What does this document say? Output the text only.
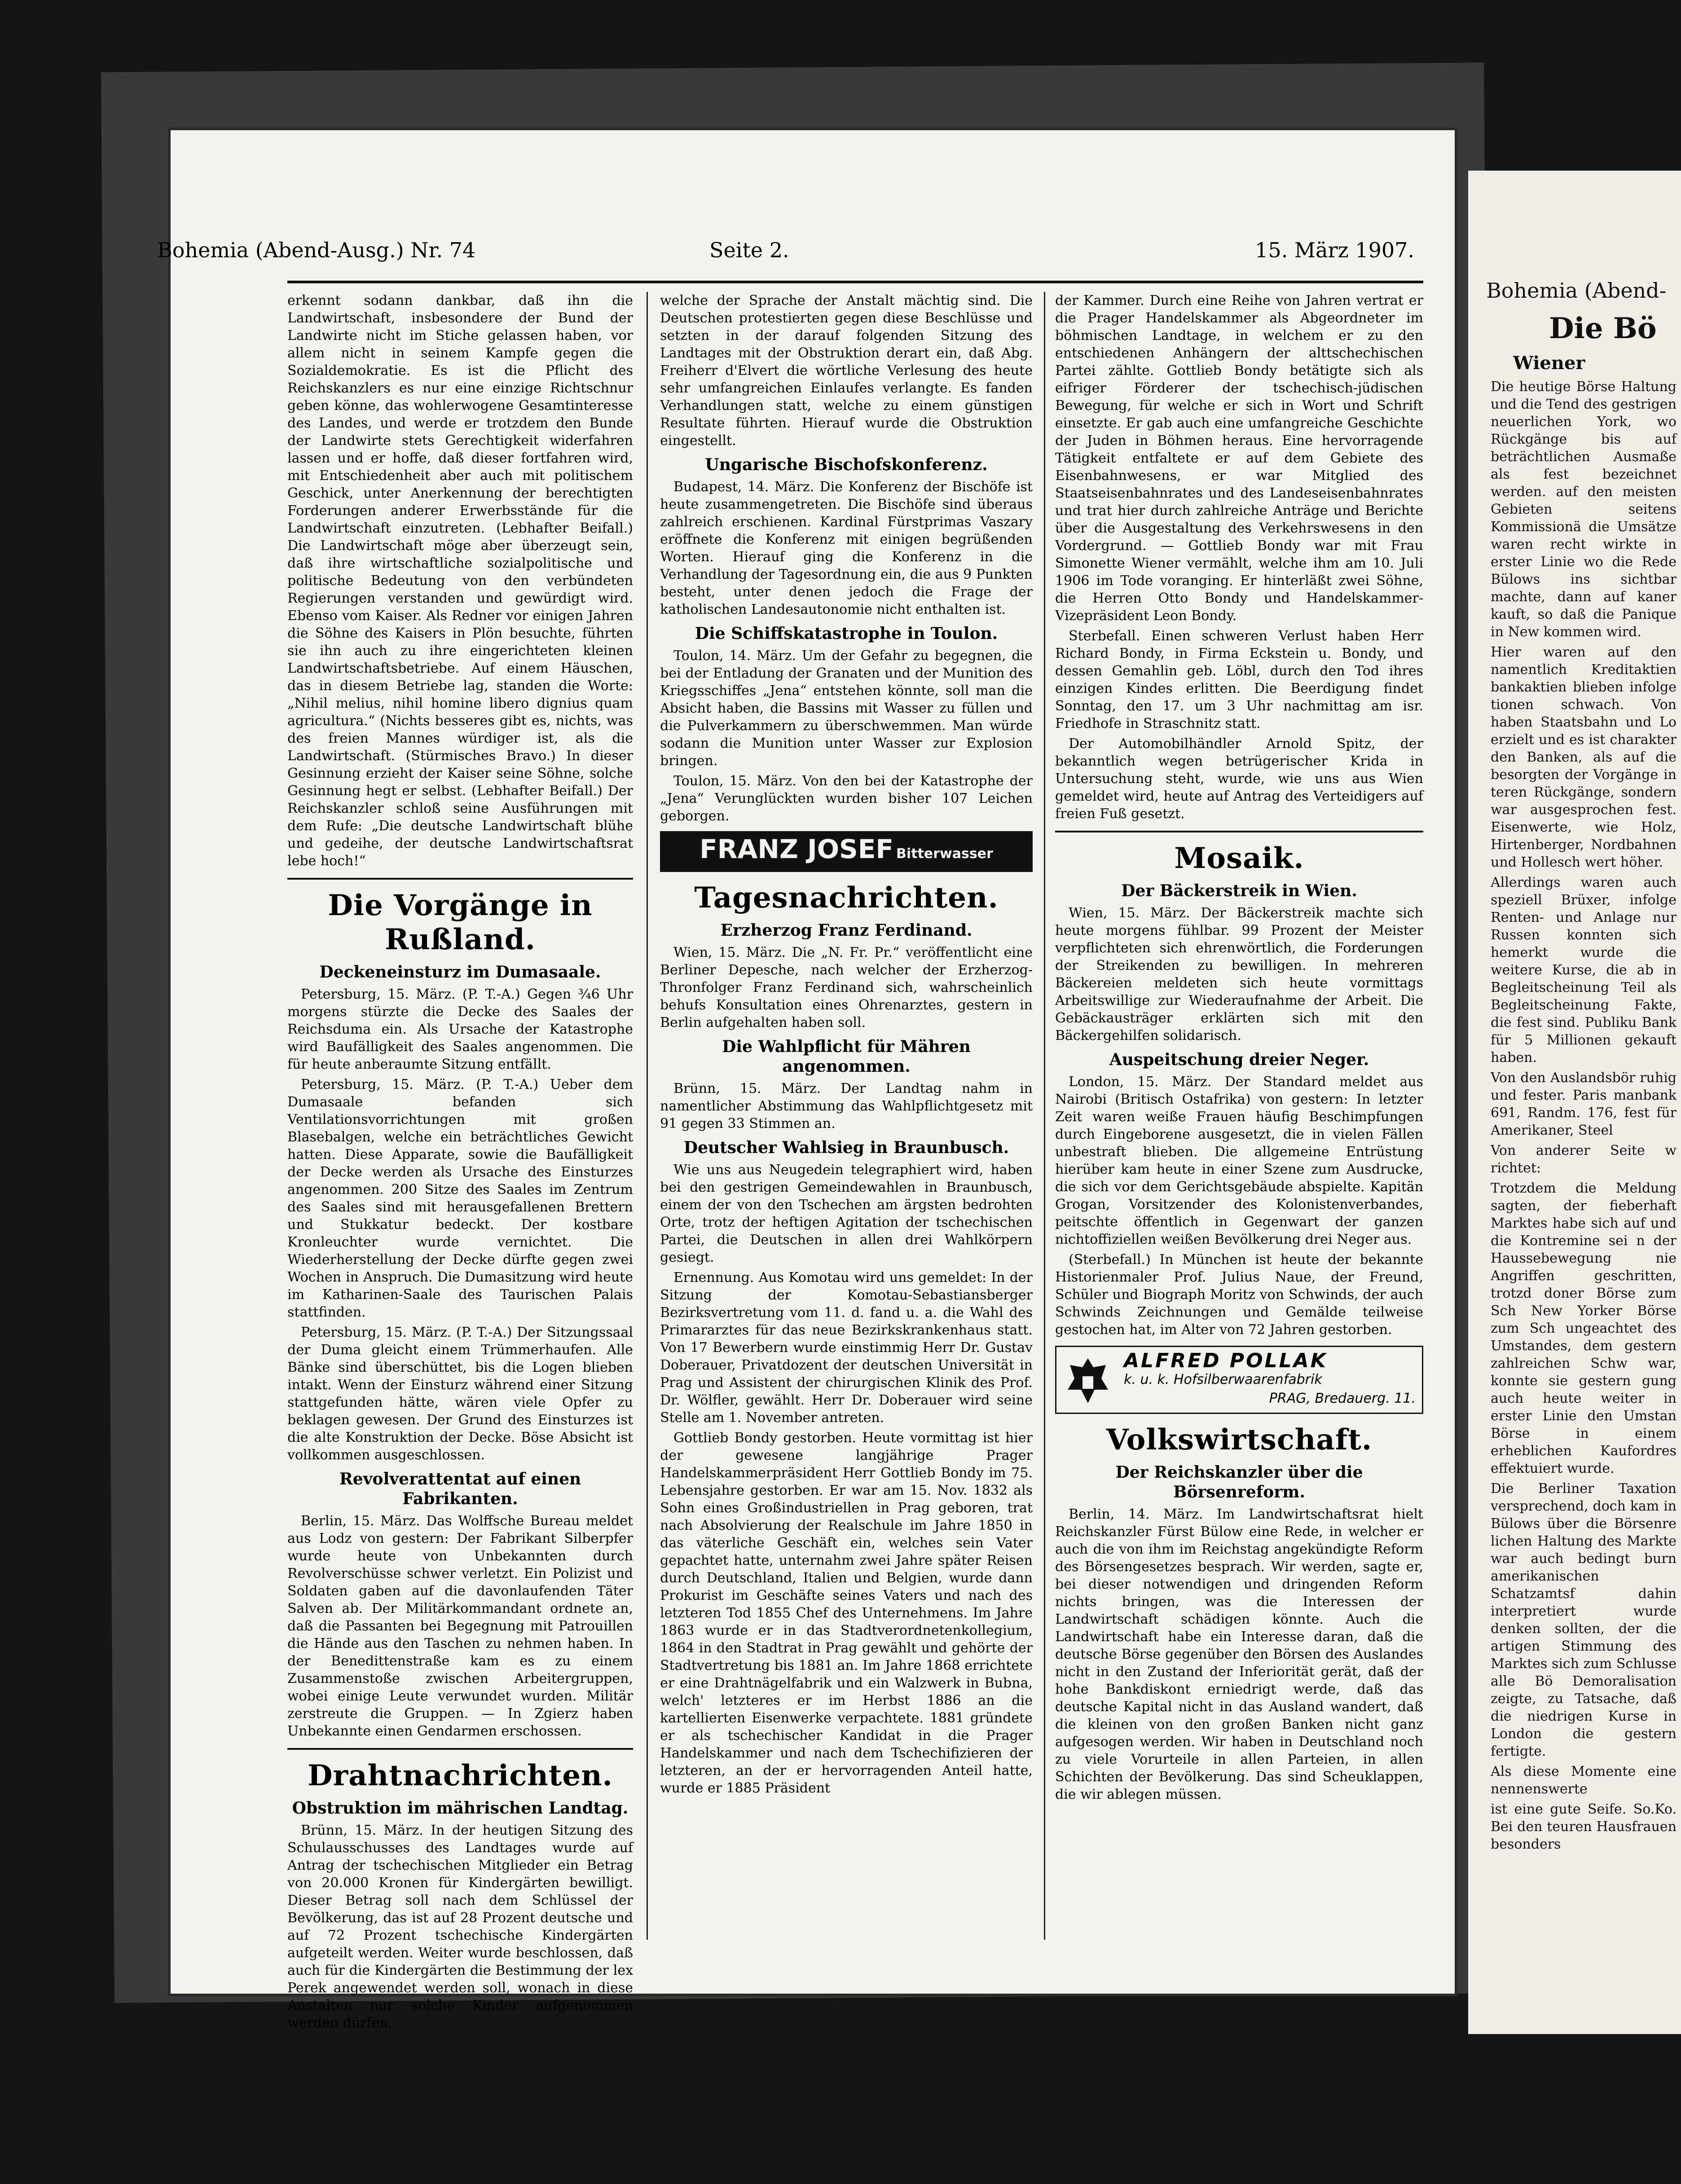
Bohemia (Abend-Ausg.) Nr. 74	Seite 2.	15. März 1907.

erkennt sodann dankbar, daß ihn die Landwirtschaft, insbesondere der Bund der Landwirte nicht im Stiche gelassen haben, vor allem nicht in seinem Kampfe gegen die Sozialdemokratie. Es ist die Pflicht des Reichskanzlers es nur eine einzige Richtschnur geben könne, das wohlerwogene Gesamtinteresse des Landes, und werde er trotzdem den Bunde der Landwirte stets Gerechtigkeit widerfahren lassen und er hoffe, daß dieser fortfahren wird, mit Entschiedenheit aber auch mit politischem Geschick, unter Anerkennung der berechtigten Forderungen anderer Erwerbsstände für die Landwirtschaft einzutreten. (Lebhafter Beifall.) Die Landwirtschaft möge aber überzeugt sein, daß ihre wirtschaftliche sozialpolitische und politische Bedeutung von den verbündeten Regierungen verstanden und gewürdigt wird. Ebenso vom Kaiser. Als Redner vor einigen Jahren die Söhne des Kaisers in Plön besuchte, führten sie ihn auch zu ihre eingerichteten kleinen Landwirtschaftsbetriebe. Auf einem Häuschen, das in diesem Betriebe lag, standen die Worte: „Nihil melius, nihil homine libero dignius quam agricultura.“ (Nichts besseres gibt es, nichts, was des freien Mannes würdiger ist, als die Landwirtschaft. (Stürmisches Bravo.) In dieser Gesinnung erzieht der Kaiser seine Söhne, solche Gesinnung hegt er selbst. (Lebhafter Beifall.) Der Reichskanzler schloß seine Ausführungen mit dem Rufe: „Die deutsche Landwirtschaft blühe und gedeihe, der deutsche Landwirtschaftsrat lebe hoch!“

Die Vorgänge in Rußland.
Deckeneinsturz im Dumasaale.

Petersburg, 15. März. (P. T.-A.) Gegen ¾6 Uhr morgens stürzte die Decke des Saales der Reichsduma ein. Als Ursache der Katastrophe wird Baufälligkeit des Saales angenommen. Die für heute anberaumte Sitzung entfällt.

Petersburg, 15. März. (P. T.-A.) Ueber dem Dumasaale befanden sich Ventilationsvorrichtungen mit großen Blasebalgen, welche ein beträchtliches Gewicht hatten. Diese Apparate, sowie die Baufälligkeit der Decke werden als Ursache des Einsturzes angenommen. 200 Sitze des Saales im Zentrum des Saales sind mit herausgefallenen Brettern und Stukkatur bedeckt. Der kostbare Kronleuchter wurde vernichtet. Die Wiederherstellung der Decke dürfte gegen zwei Wochen in Anspruch. Die Dumasitzung wird heute im Katharinen-Saale des Taurischen Palais stattfinden.

Petersburg, 15. März. (P. T.-A.) Der Sitzungssaal der Duma gleicht einem Trümmerhaufen. Alle Bänke sind überschüttet, bis die Logen blieben intakt. Wenn der Einsturz während einer Sitzung stattgefunden hätte, wären viele Opfer zu beklagen gewesen. Der Grund des Einsturzes ist die alte Konstruktion der Decke. Böse Absicht ist vollkommen ausgeschlossen.

Revolverattentat auf einen Fabrikanten.

Berlin, 15. März. Das Wolffsche Bureau meldet aus Lodz von gestern: Der Fabrikant Silberpfer wurde heute von Unbekannten durch Revolverschüsse schwer verletzt. Ein Polizist und Soldaten gaben auf die davonlaufenden Täter Salven ab. Der Militärkommandant ordnete an, daß die Passanten bei Begegnung mit Patrouillen die Hände aus den Taschen zu nehmen haben. In der Benedittenstraße kam es zu einem Zusammenstoße zwischen Arbeitergruppen, wobei einige Leute verwundet wurden. Militär zerstreute die Gruppen. — In Zgierz haben Unbekannte einen Gendarmen erschossen.

Drahtnachrichten.
Obstruktion im mährischen Landtag.

Brünn, 15. März. In der heutigen Sitzung des Schulausschusses des Landtages wurde auf Antrag der tschechischen Mitglieder ein Betrag von 20.000 Kronen für Kindergärten bewilligt. Dieser Betrag soll nach dem Schlüssel der Bevölkerung, das ist auf 28 Prozent deutsche und auf 72 Prozent tschechische Kindergärten aufgeteilt werden. Weiter wurde beschlossen, daß auch für die Kindergärten die Bestimmung der lex Perek angewendet werden soll, wonach in diese Anstalten nur solche Kinder aufgenommen werden dürfen,

welche der Sprache der Anstalt mächtig sind. Die Deutschen protestierten gegen diese Beschlüsse und setzten in der darauf folgenden Sitzung des Landtages mit der Obstruktion derart ein, daß Abg. Freiherr d'Elvert die wörtliche Verlesung des heute sehr umfangreichen Einlaufes verlangte. Es fanden Verhandlungen statt, welche zu einem günstigen Resultate führten. Hierauf wurde die Obstruktion eingestellt.

Ungarische Bischofskonferenz.

Budapest, 14. März. Die Konferenz der Bischöfe ist heute zusammengetreten. Die Bischöfe sind überaus zahlreich erschienen. Kardinal Fürstprimas Vaszary eröffnete die Konferenz mit einigen begrüßenden Worten. Hierauf ging die Konferenz in die Verhandlung der Tagesordnung ein, die aus 9 Punkten besteht, unter denen jedoch die Frage der katholischen Landesautonomie nicht enthalten ist.

Die Schiffskatastrophe in Toulon.

Toulon, 14. März. Um der Gefahr zu begegnen, die bei der Entladung der Granaten und der Munition des Kriegsschiffes „Jena“ entstehen könnte, soll man die Absicht haben, die Bassins mit Wasser zu füllen und die Pulverkammern zu überschwemmen. Man würde sodann die Munition unter Wasser zur Explosion bringen.

Toulon, 15. März. Von den bei der Katastrophe der „Jena“ Verunglückten wurden bisher 107 Leichen geborgen.

FRANZ JOSEF Bitterwasser
Tagesnachrichten.
Erzherzog Franz Ferdinand.

Wien, 15. März. Die „N. Fr. Pr.“ veröffentlicht eine Berliner Depesche, nach welcher der Erzherzog-Thronfolger Franz Ferdinand sich, wahrscheinlich behufs Konsultation eines Ohrenarztes, gestern in Berlin aufgehalten haben soll.

Die Wahlpflicht für Mähren angenommen.

Brünn, 15. März. Der Landtag nahm in namentlicher Abstimmung das Wahlpflichtgesetz mit 91 gegen 33 Stimmen an.

Deutscher Wahlsieg in Braunbusch.

Wie uns aus Neugedein telegraphiert wird, haben bei den gestrigen Gemeindewahlen in Braunbusch, einem der von den Tschechen am ärgsten bedrohten Orte, trotz der heftigen Agitation der tschechischen Partei, die Deutschen in allen drei Wahlkörpern gesiegt.

Ernennung. Aus Komotau wird uns gemeldet: In der Sitzung der Komotau-Sebastiansberger Bezirksvertretung vom 11. d. fand u. a. die Wahl des Primararztes für das neue Bezirkskrankenhaus statt. Von 17 Bewerbern wurde einstimmig Herr Dr. Gustav Doberauer, Privatdozent der deutschen Universität in Prag und Assistent der chirurgischen Klinik des Prof. Dr. Wölfler, gewählt. Herr Dr. Doberauer wird seine Stelle am 1. November antreten.

Gottlieb Bondy gestorben. Heute vormittag ist hier der gewesene langjährige Prager Handelskammerpräsident Herr Gottlieb Bondy im 75. Lebensjahre gestorben. Er war am 15. Nov. 1832 als Sohn eines Großindustriellen in Prag geboren, trat nach Absolvierung der Realschule im Jahre 1850 in das väterliche Geschäft ein, welches sein Vater gepachtet hatte, unternahm zwei Jahre später Reisen durch Deutschland, Italien und Belgien, wurde dann Prokurist im Geschäfte seines Vaters und nach des letzteren Tod 1855 Chef des Unternehmens. Im Jahre 1863 wurde er in das Stadtverordnetenkollegium, 1864 in den Stadtrat in Prag gewählt und gehörte der Stadtvertretung bis 1881 an. Im Jahre 1868 errichtete er eine Drahtnägelfabrik und ein Walzwerk in Bubna, welch' letzteres er im Herbst 1886 an die kartellierten Eisenwerke verpachtete. 1881 gründete er als tschechischer Kandidat in die Prager Handelskammer und nach dem Tschechifizieren der letzteren, an der er hervorragenden Anteil hatte, wurde er 1885 Präsident

der Kammer. Durch eine Reihe von Jahren vertrat er die Prager Handelskammer als Abgeordneter im böhmischen Landtage, in welchem er zu den entschiedenen Anhängern der alttschechischen Partei zählte. Gottlieb Bondy betätigte sich als eifriger Förderer der tschechisch-jüdischen Bewegung, für welche er sich in Wort und Schrift einsetzte. Er gab auch eine umfangreiche Geschichte der Juden in Böhmen heraus. Eine hervorragende Tätigkeit entfaltete er auf dem Gebiete des Eisenbahnwesens, er war Mitglied des Staatseisenbahnrates und des Landeseisenbahnrates und trat hier durch zahlreiche Anträge und Berichte über die Ausgestaltung des Verkehrswesens in den Vordergrund. — Gottlieb Bondy war mit Frau Simonette Wiener vermählt, welche ihm am 10. Juli 1906 im Tode voranging. Er hinterläßt zwei Söhne, die Herren Otto Bondy und Handelskammer-Vizepräsident Leon Bondy.

Sterbefall. Einen schweren Verlust haben Herr Richard Bondy, in Firma Eckstein u. Bondy, und dessen Gemahlin geb. Löbl, durch den Tod ihres einzigen Kindes erlitten. Die Beerdigung findet Sonntag, den 17. um 3 Uhr nachmittag am isr. Friedhofe in Straschnitz statt.

Der Automobilhändler Arnold Spitz, der bekanntlich wegen betrügerischer Krida in Untersuchung steht, wurde, wie uns aus Wien gemeldet wird, heute auf Antrag des Verteidigers auf freien Fuß gesetzt.

Mosaik.
Der Bäckerstreik in Wien.

Wien, 15. März. Der Bäckerstreik machte sich heute morgens fühlbar. 99 Prozent der Meister verpflichteten sich ehrenwörtlich, die Forderungen der Streikenden zu bewilligen. In mehreren Bäckereien meldeten sich heute vormittags Arbeitswillige zur Wiederaufnahme der Arbeit. Die Gebäckausträger erklärten sich mit den Bäckergehilfen solidarisch.

Auspeitschung dreier Neger.

London, 15. März. Der Standard meldet aus Nairobi (Britisch Ostafrika) von gestern: In letzter Zeit waren weiße Frauen häufig Beschimpfungen durch Eingeborene ausgesetzt, die in vielen Fällen unbestraft blieben. Die allgemeine Entrüstung hierüber kam heute in einer Szene zum Ausdrucke, die sich vor dem Gerichtsgebäude abspielte. Kapitän Grogan, Vorsitzender des Kolonistenverbandes, peitschte öffentlich in Gegenwart der ganzen nichtoffiziellen weißen Bevölkerung drei Neger aus.

(Sterbefall.) In München ist heute der bekannte Historienmaler Prof. Julius Naue, der Freund, Schüler und Biograph Moritz von Schwinds, der auch Schwinds Zeichnungen und Gemälde teilweise gestochen hat, im Alter von 72 Jahren gestorben.

ALFRED POLLAK
k. u. k. Hofsilberwaarenfabrik
PRAG, Bredauerg. 11.
Volkswirtschaft.
Der Reichskanzler über die Börsenreform.

Berlin, 14. März. Im Landwirtschaftsrat hielt Reichskanzler Fürst Bülow eine Rede, in welcher er auch die von ihm im Reichstag angekündigte Reform des Börsengesetzes besprach. Wir werden, sagte er, bei dieser notwendigen und dringenden Reform nichts bringen, was die Interessen der Landwirtschaft schädigen könnte. Auch die Landwirtschaft habe ein Interesse daran, daß die deutsche Börse gegenüber den Börsen des Auslandes nicht in den Zustand der Inferiorität gerät, daß der hohe Bankdiskont erniedrigt werde, daß das deutsche Kapital nicht in das Ausland wandert, daß die kleinen von den großen Banken nicht ganz aufgesogen werden. Wir haben in Deutschland noch zu viele Vorurteile in allen Parteien, in allen Schichten der Bevölkerung. Das sind Scheuklappen, die wir ablegen müssen.

Bohemia (Abend-
Die Bö
Wiener

Die heutige Börse Haltung und die Tend des gestrigen neuerlichen York, wo Rückgänge bis auf beträchtlichen Ausmaße als fest bezeichnet werden. auf den meisten Gebieten seitens Kommissionä die Umsätze waren recht wirkte in erster Linie wo die Rede Bülows ins sichtbar machte, dann auf kaner kauft, so daß die Panique in New kommen wird.

Hier waren auf den namentlich Kreditaktien bankaktien blieben infolge tionen schwach. Von haben Staatsbahn und Lo erzielt und es ist charakter den Banken, als auf die besorgten der Vorgänge in teren Rückgänge, sondern war ausgesprochen fest. Eisenwerte, wie Holz, Hirtenberger, Nordbahnen und Hollesch wert höher.

Allerdings waren auch speziell Brüxer, infolge Renten- und Anlage nur Russen konnten sich hemerkt wurde die weitere Kurse, die ab in Begleitscheinung Teil als Begleitscheinung Fakte, die fest sind. Publiku Bank für 5 Millionen gekauft haben.

Von den Auslandsbör ruhig und fester. Paris manbank 691, Randm. 176, fest für Amerikaner, Steel

Von anderer Seite w richtet:

Trotzdem die Meldung sagten, der fieberhaft Marktes habe sich auf und die Kontremine sei n der Haussebewegung nie Angriffen geschritten, trotzd doner Börse zum Sch New Yorker Börse zum Sch ungeachtet des Umstandes, dem gestern zahlreichen Schw war, konnte sie gestern gung auch heute weiter in erster Linie den Umstan Börse in einem erheblichen Kaufordres effektuiert wurde.

Die Berliner Taxation versprechend, doch kam in Bülows über die Börsenre lichen Haltung des Markte war auch bedingt burn amerikanischen Schatzamtsf dahin interpretiert wurde denken sollten, der die artigen Stimmung des Marktes sich zum Schlusse alle Bö Demoralisation zeigte, zu Tatsache, daß die niedrigen Kurse in London die gestern fertigte.

Als diese Momente eine nennenswerte

ist eine gute Seife. So.Ko. Bei den teuren Hausfrauen besonders
